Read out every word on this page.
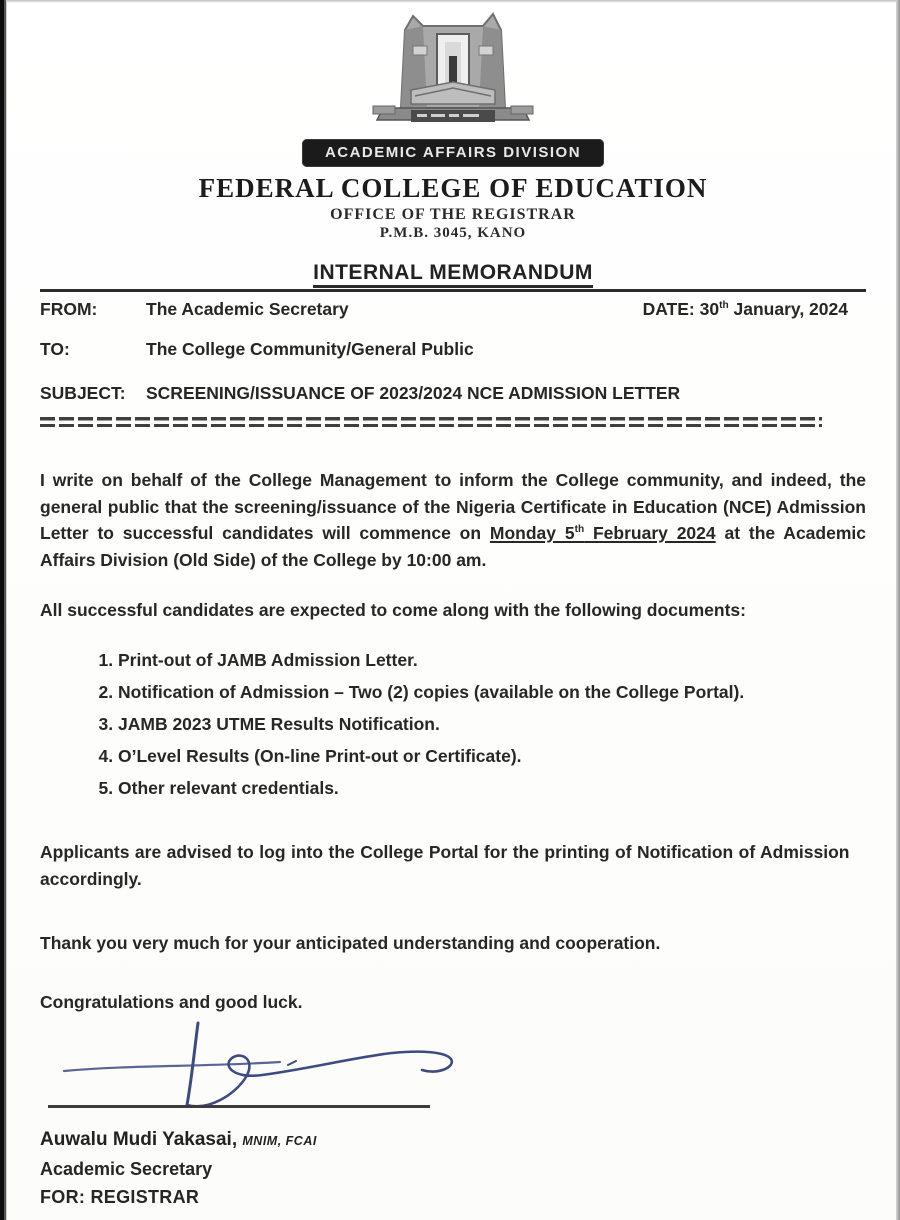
ACADEMIC AFFAIRS DIVISION
FEDERAL COLLEGE OF EDUCATION
OFFICE OF THE REGISTRAR
P.M.B. 3045, KANO
INTERNAL MEMORANDUM
FROM:	The Academic Secretary	DATE: 30th January, 2024
TO:	The College Community/General Public
SUBJECT:	SCREENING/ISSUANCE OF 2023/2024 NCE ADMISSION LETTER

I write on behalf of the College Management to inform the College community, and indeed, the general public that the screening/issuance of the Nigeria Certificate in Education (NCE) Admission Letter to successful candidates will commence on Monday 5th February 2024 at the Academic Affairs Division (Old Side) of the College by 10:00 am.

All successful candidates are expected to come along with the following documents:

1. Print-out of JAMB Admission Letter.
2. Notification of Admission – Two (2) copies (available on the College Portal).
3. JAMB 2023 UTME Results Notification.
4. O’Level Results (On-line Print-out or Certificate).
5. Other relevant credentials.

Applicants are advised to log into the College Portal for the printing of Notification of Admission accordingly.

Thank you very much for your anticipated understanding and cooperation.

Congratulations and good luck.

Auwalu Mudi Yakasai, MNIM, FCAI
Academic Secretary
FOR: REGISTRAR
